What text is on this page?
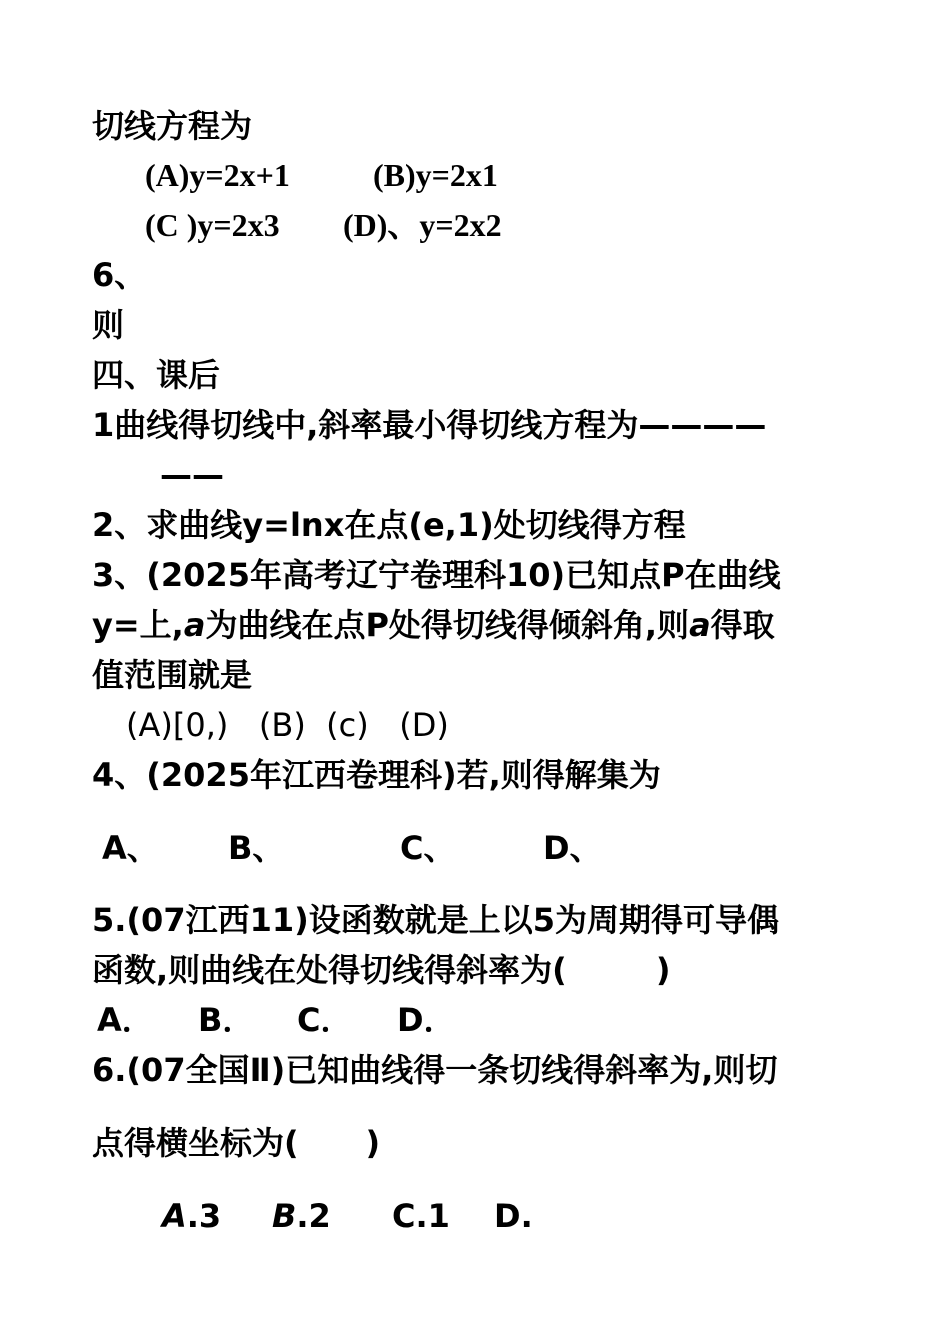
切线方程为
(A)y=2x+1	(B)y=2x1
(C )y=2x3 (D)、y=2x2
6、
则
四、课后
1曲线得切线中,斜率最小得切线方程为————
——
2、求曲线y=lnx在点(e,1)处切线得方程
3、(2025年高考辽宁卷理科10)已知点P在曲线
y=上,a为曲线在点P处得切线得倾斜角,则a得取
值范围就是
(A)[0,)   (B)  (c)   (D)
4、(2025年江西卷理科)若,则得解集为
A、 B、	C、	D、
5.(07江西11)设函数就是上以5为周期得可导偶
函数,则曲线在处得切线得斜率为(        )
A． B． C． D．
6.(07全国Ⅱ)已知曲线得一条切线得斜率为,则切
点得横坐标为(      )
A.3 B.2 C.1 D.
